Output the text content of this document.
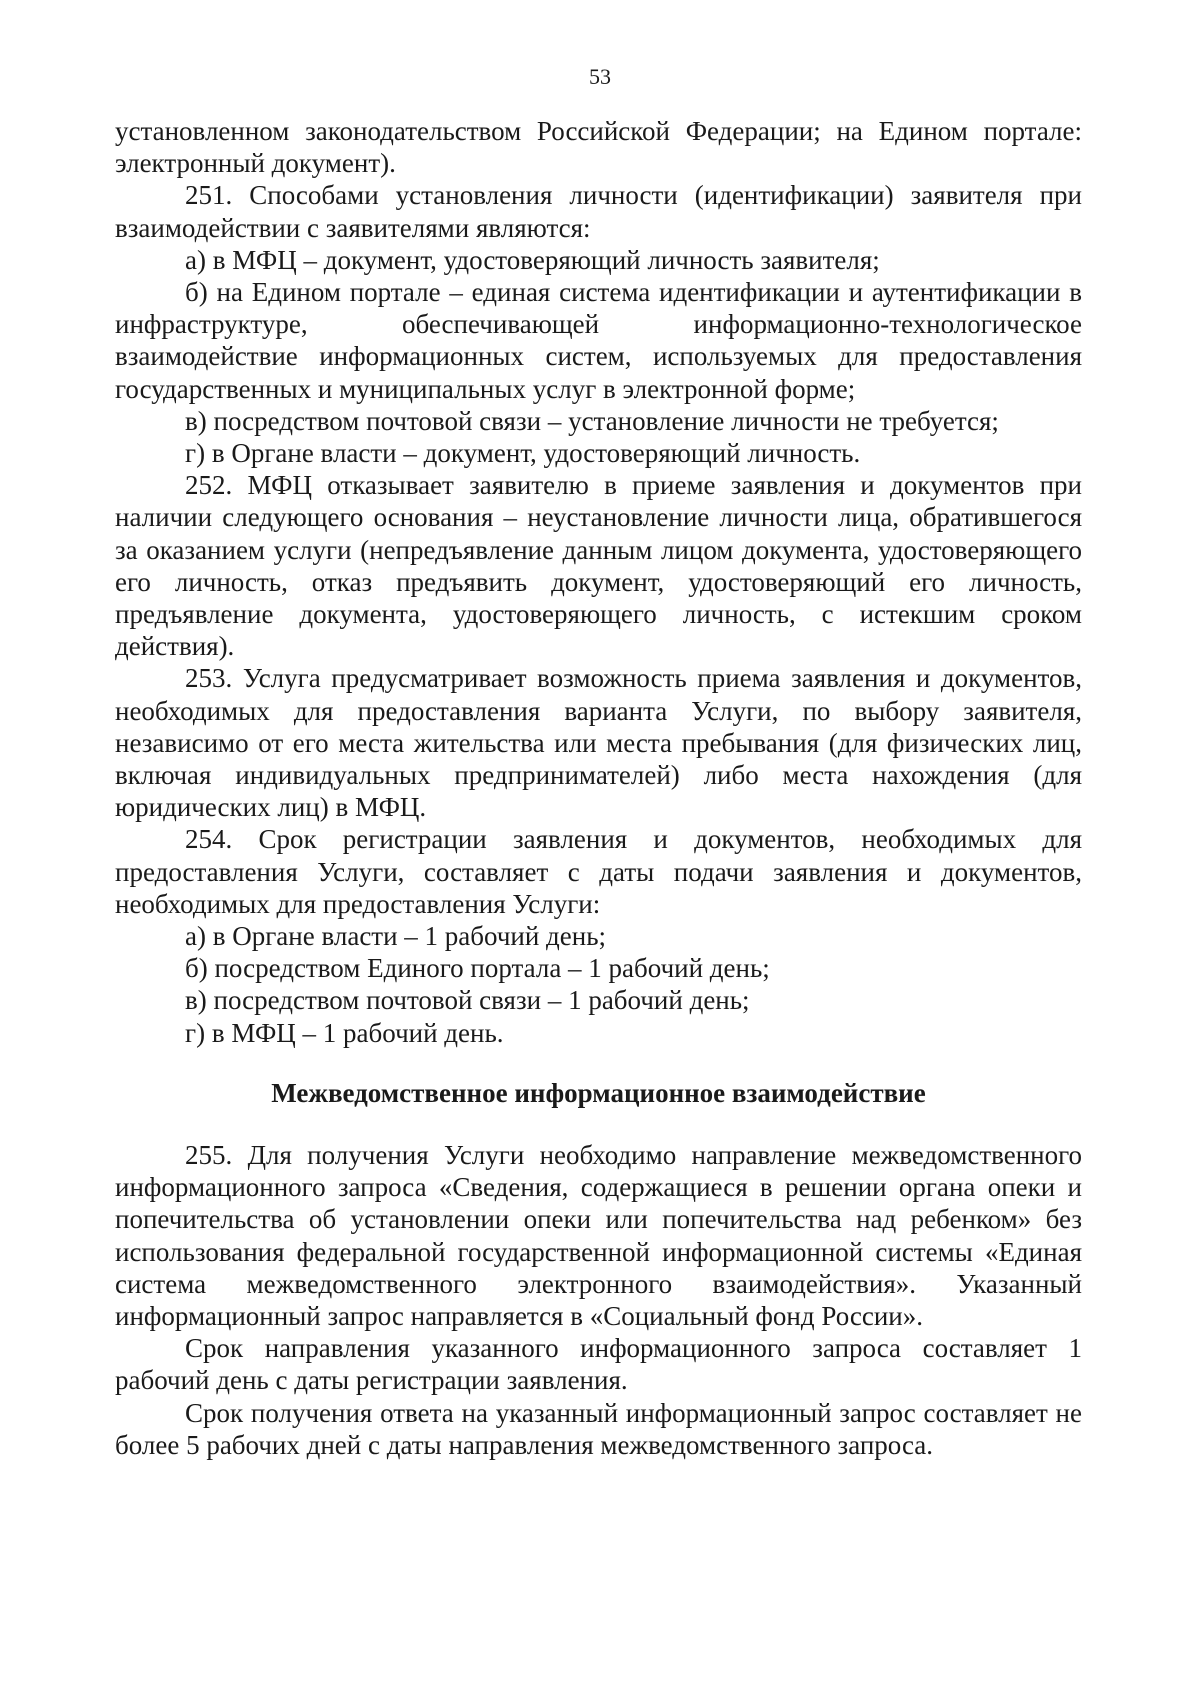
53

установленном законодательством Российской Федерации; на Едином портале: электронный документ).

251. Способами установления личности (идентификации) заявителя при взаимодействии с заявителями являются:

а) в МФЦ – документ, удостоверяющий личность заявителя;

б) на Едином портале – единая система идентификации и аутентификации в инфраструктуре, обеспечивающей информационно-технологическое взаимодействие информационных систем, используемых для предоставления государственных и муниципальных услуг в электронной форме;

в) посредством почтовой связи – установление личности не требуется;

г) в Органе власти – документ, удостоверяющий личность.

252. МФЦ отказывает заявителю в приеме заявления и документов при наличии следующего основания – неустановление личности лица, обратившегося за оказанием услуги (непредъявление данным лицом документа, удостоверяющего его личность, отказ предъявить документ, удостоверяющий его личность, предъявление документа, удостоверяющего личность, с истекшим сроком действия).

253. Услуга предусматривает возможность приема заявления и документов, необходимых для предоставления варианта Услуги, по выбору заявителя, независимо от его места жительства или места пребывания (для физических лиц, включая индивидуальных предпринимателей) либо места нахождения (для юридических лиц) в МФЦ.

254. Срок регистрации заявления и документов, необходимых для предоставления Услуги, составляет с даты подачи заявления и документов, необходимых для предоставления Услуги:

а) в Органе власти – 1 рабочий день;

б) посредством Единого портала – 1 рабочий день;

в) посредством почтовой связи – 1 рабочий день;

г) в МФЦ – 1 рабочий день.

Межведомственное информационное взаимодействие

255. Для получения Услуги необходимо направление межведомственного информационного запроса «Сведения, содержащиеся в решении органа опеки и попечительства об установлении опеки или попечительства над ребенком» без использования федеральной государственной информационной системы «Единая система межведомственного электронного взаимодействия». Указанный информационный запрос направляется в «Социальный фонд России».

Срок направления указанного информационного запроса составляет 1 рабочий день с даты регистрации заявления.

Срок получения ответа на указанный информационный запрос составляет не более 5 рабочих дней с даты направления межведомственного запроса.
